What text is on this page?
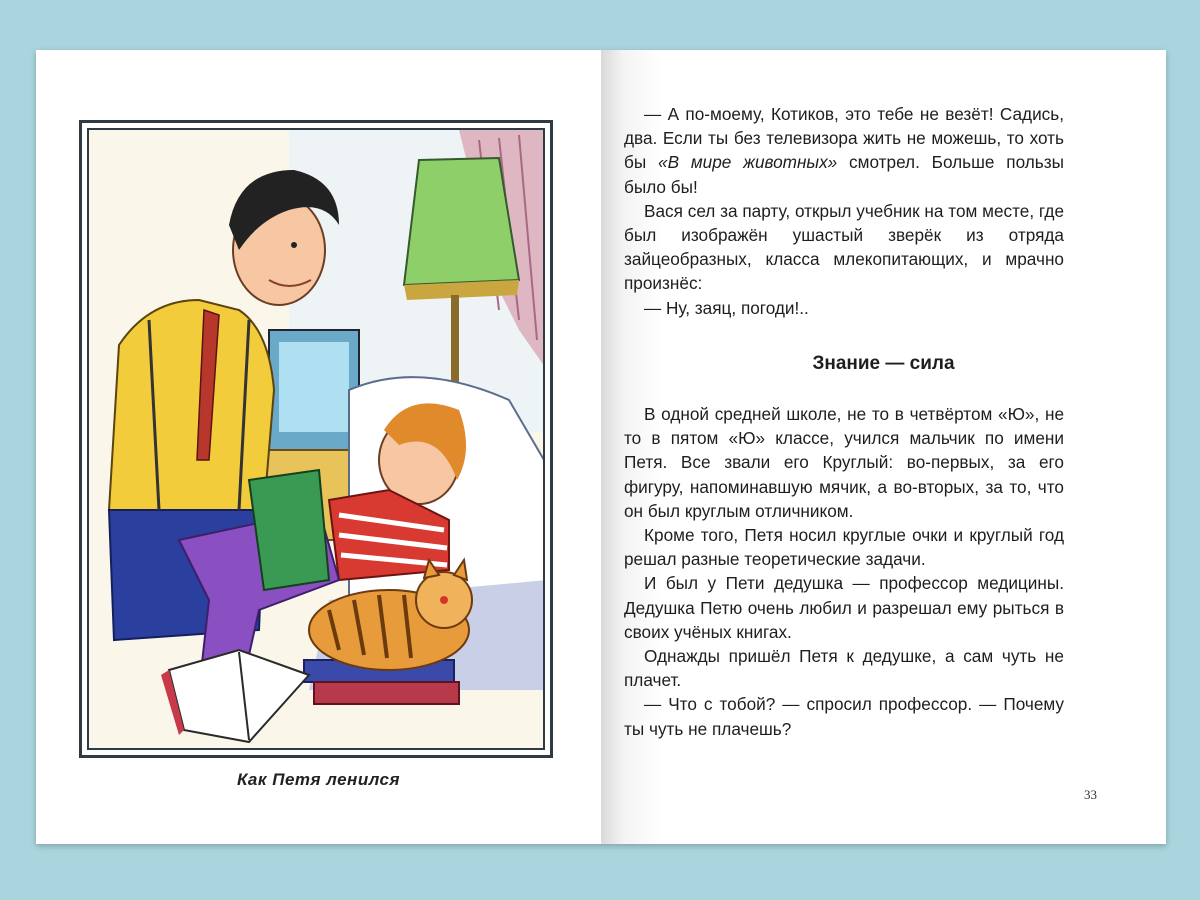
Как Петя ленился

— А по-моему, Котиков, это тебе не везёт! Садись, два. Если ты без телевизора жить не можешь, то хоть бы «В мире животных» смотрел. Больше пользы было бы!

Вася сел за парту, открыл учебник на том месте, где был изображён ушастый зверёк из отряда зайцеобразных, класса млекопитающих, и мрачно произнёс:

— Ну, заяц, погоди!..

Знание — сила

В одной средней школе, не то в четвёртом «Ю», не то в пятом «Ю» классе, учился мальчик по имени Петя. Все звали его Круглый: во-первых, за его фигуру, напоминавшую мячик, а во-вторых, за то, что он был круглым отличником.

Кроме того, Петя носил круглые очки и круглый год решал разные теоретические задачи.

И был у Пети дедушка — профессор медицины. Дедушка Петю очень любил и разрешал ему рыться в своих учёных книгах.

Однажды пришёл Петя к дедушке, а сам чуть не плачет.

— Что с тобой? — спросил профессор. — Почему ты чуть не плачешь?

33
